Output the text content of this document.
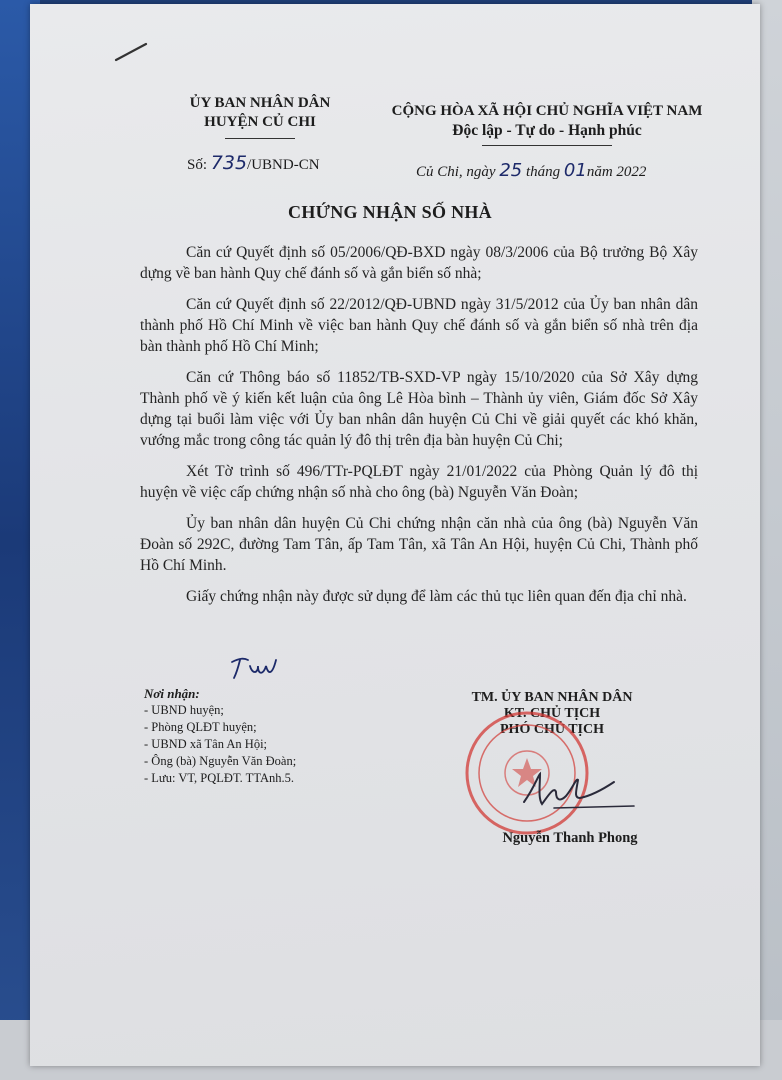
ỦY BAN NHÂN DÂN
HUYỆN CỦ CHI
Số: 735/UBND-CN
CỘNG HÒA XÃ HỘI CHỦ NGHĨA VIỆT NAM
Độc lập - Tự do - Hạnh phúc
Củ Chi, ngày 25 tháng 01năm 2022
CHỨNG NHẬN SỐ NHÀ

Căn cứ Quyết định số 05/2006/QĐ-BXD ngày 08/3/2006 của Bộ trưởng Bộ Xây dựng về ban hành Quy chế đánh số và gắn biển số nhà;

Căn cứ Quyết định số 22/2012/QĐ-UBND ngày 31/5/2012 của Ủy ban nhân dân thành phố Hồ Chí Minh về việc ban hành Quy chế đánh số và gắn biển số nhà trên địa bàn thành phố Hồ Chí Minh;

Căn cứ Thông báo số 11852/TB-SXD-VP ngày 15/10/2020 của Sở Xây dựng Thành phố về ý kiến kết luận của ông Lê Hòa bình – Thành ủy viên, Giám đốc Sở Xây dựng tại buổi làm việc với Ủy ban nhân dân huyện Củ Chi về giải quyết các khó khăn, vướng mắc trong công tác quản lý đô thị trên địa bàn huyện Củ Chi;

Xét Tờ trình số 496/TTr-PQLĐT ngày 21/01/2022 của Phòng Quản lý đô thị huyện về việc cấp chứng nhận số nhà cho ông (bà) Nguyễn Văn Đoàn;

Ủy ban nhân dân huyện Củ Chi chứng nhận căn nhà của ông (bà) Nguyễn Văn Đoàn số 292C, đường Tam Tân, ấp Tam Tân, xã Tân An Hội, huyện Củ Chi, Thành phố Hồ Chí Minh.

Giấy chứng nhận này được sử dụng để làm các thủ tục liên quan đến địa chỉ nhà.

Nơi nhận:
- UBND huyện;
- Phòng QLĐT huyện;
- UBND xã Tân An Hội;
- Ông (bà) Nguyễn Văn Đoàn;
- Lưu: VT, PQLĐT. TTAnh.5.
TM. ỦY BAN NHÂN DÂN
KT. CHỦ TỊCH
PHÓ CHỦ TỊCH
Nguyễn Thanh Phong
